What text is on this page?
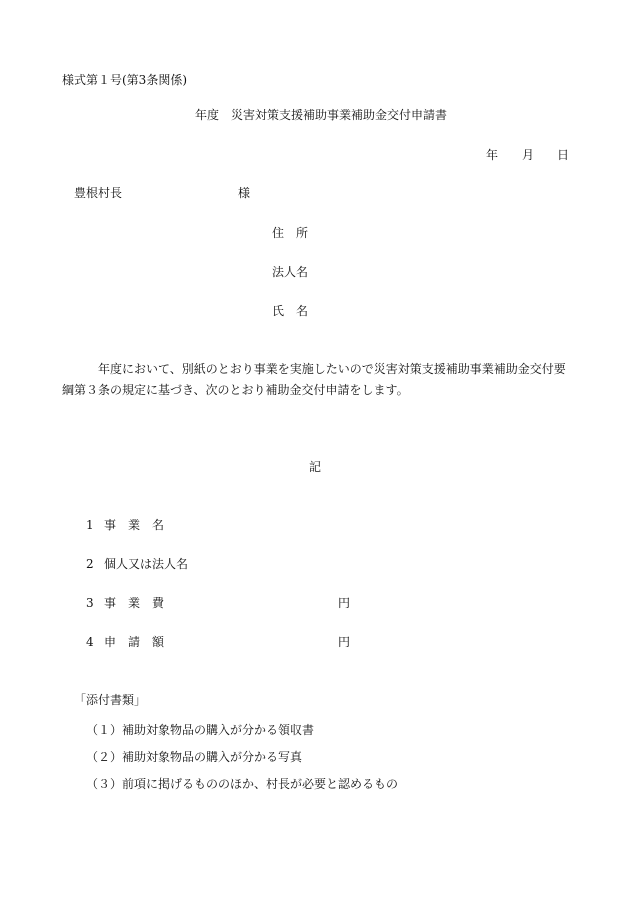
様式第１号(第3条関係)
年度　災害対策支援補助事業補助金交付申請書
年 月 日
豊根村長	様
住　所
法人名
氏　名
年度において、別紙のとおり事業を実施したいので災害対策支援補助事業補助金交付要綱第３条の規定に基づき、次のとおり補助金交付申請をします。
記
1 事　業　名
2 個人又は法人名
3 事　業　費	円
4 申　請　額	円
「添付書類」
（１）補助対象物品の購入が分かる領収書
（２）補助対象物品の購入が分かる写真
（３）前項に掲げるもののほか、村長が必要と認めるもの
